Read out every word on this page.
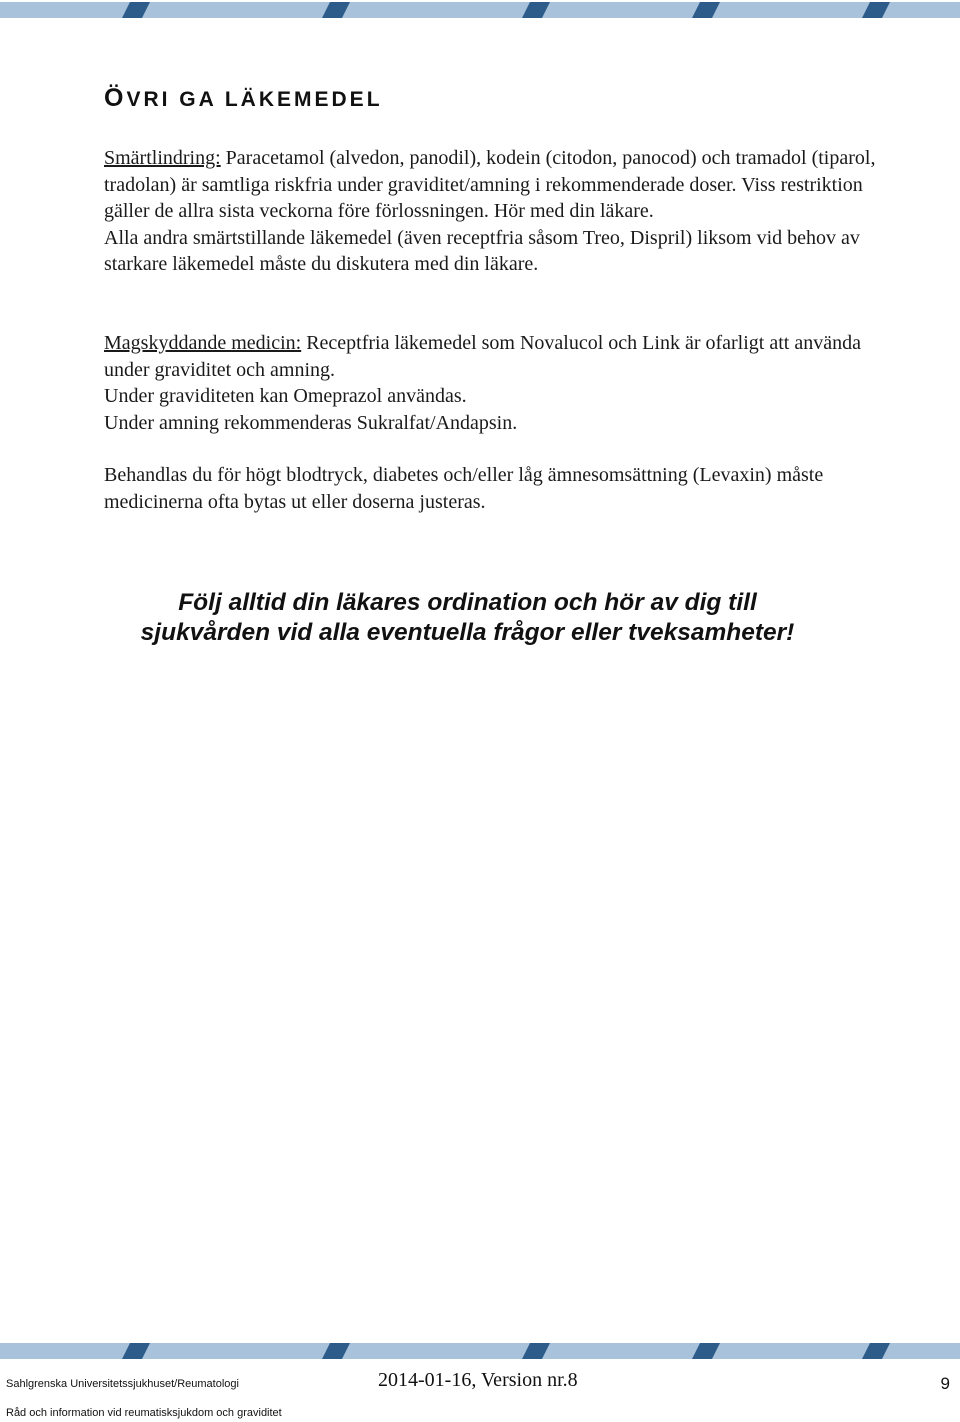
ÖVRI GA LÄKEMEDEL

Smärtlindring: Paracetamol (alvedon, panodil), kodein (citodon, panocod) och tramadol (tiparol, tradolan) är samtliga riskfria under graviditet/amning i rekommenderade doser. Viss restriktion gäller de allra sista veckorna före förlossningen. Hör med din läkare.

Alla andra smärtstillande läkemedel (även receptfria såsom Treo, Dispril) liksom vid behov av starkare läkemedel måste du diskutera med din läkare.

Magskyddande medicin: Receptfria läkemedel som Novalucol och Link är ofarligt att använda under graviditet och amning.

Under graviditeten kan Omeprazol användas.

Under amning rekommenderas Sukralfat/Andapsin.

Behandlas du för högt blodtryck, diabetes och/eller låg ämnesomsättning (Levaxin) måste medicinerna ofta bytas ut eller doserna justeras.

Följ alltid din läkares ordination och hör av dig till
sjukvården vid alla eventuella frågor eller tveksamheter!

Sahlgrenska Universitetssjukhuset/Reumatologi	2014-01-16, Version nr.8	9
Råd och information vid reumatisksjukdom och graviditet
